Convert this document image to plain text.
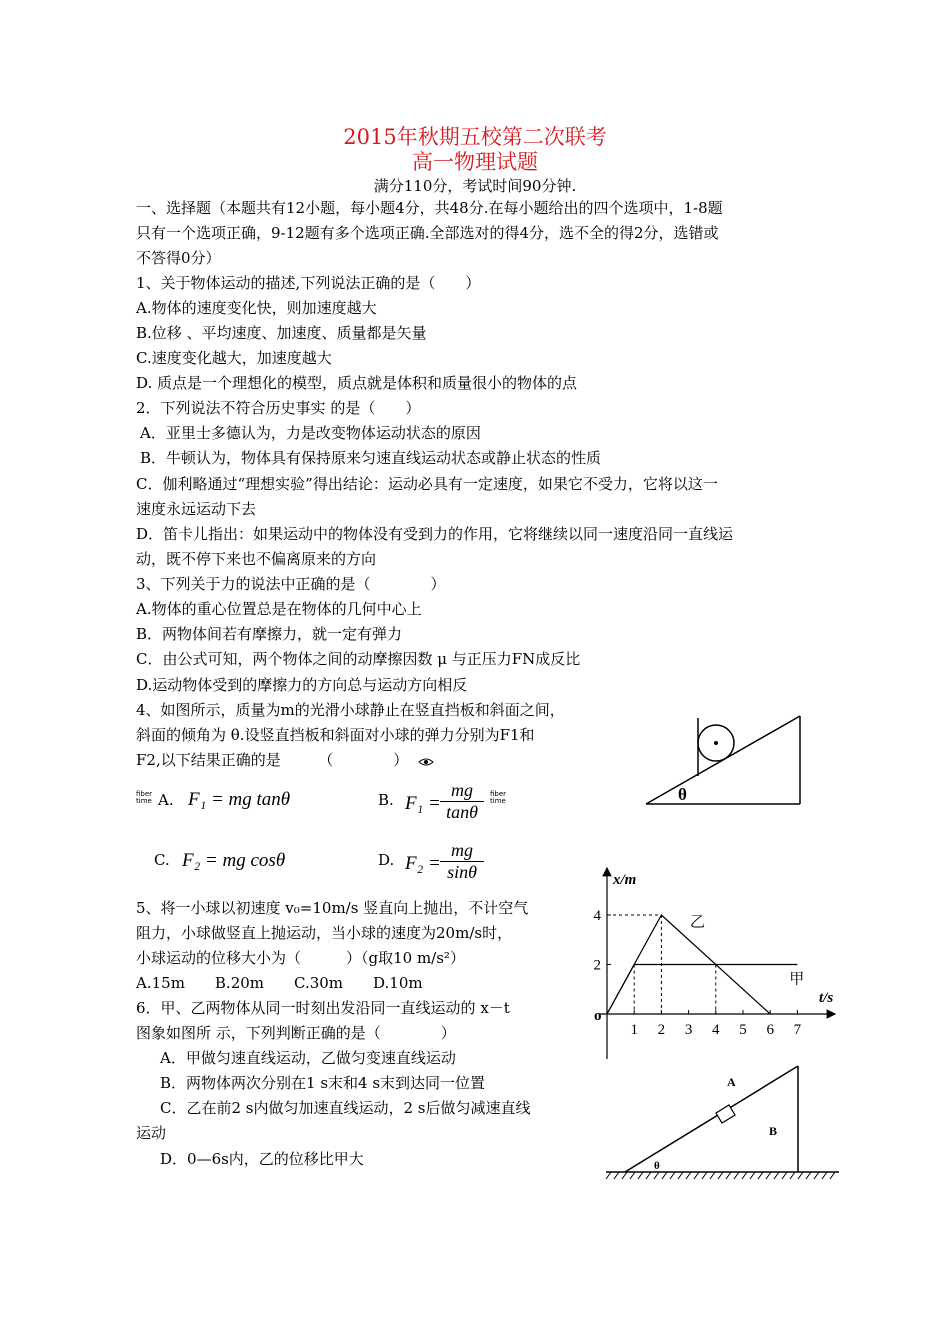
2015年秋期五校第二次联考
高一物理试题
满分110分，考试时间90分钟.
一、选择题（本题共有12小题，每小题4分，共48分.在每小题给出的四个选项中，1-8题
只有一个选项正确，9-12题有多个选项正确.全部选对的得4分，选不全的得2分，选错或
不答得0分）
1、关于物体运动的描述,下列说法正确的是（　　）
A.物体的速度变化快，则加速度越大
B.位移 、平均速度、加速度、质量都是矢量
C.速度变化越大，加速度越大
D. 质点是一个理想化的模型，质点就是体积和质量很小的物体的点
2．下列说法不符合历史事实 的是（　　）
A．亚里士多德认为，力是改变物体运动状态的原因
B．牛顿认为，物体具有保持原来匀速直线运动状态或静止状态的性质
C．伽利略通过“理想实验”得出结论：运动必具有一定速度，如果它不受力，它将以这一
速度永远运动下去
D．笛卡儿指出：如果运动中的物体没有受到力的作用，它将继续以同一速度沿同一直线运
动，既不停下来也不偏离原来的方向
3、下列关于力的说法中正确的是（　　　　）
A.物体的重心位置总是在物体的几何中心上
B．两物体间若有摩擦力，就一定有弹力
C．由公式可知，两个物体之间的动摩擦因数 μ 与正压力FN成反比
D.运动物体受到的摩擦力的方向总与运动方向相反
4、如图所示，质量为m的光滑小球静止在竖直挡板和斜面之间，
斜面的倾角为 θ.设竖直挡板和斜面对小球的弹力分别为F1和
F2,以下结果正确的是　　　（　　　　）
fiber time A. F₁ = mg tanθ	B. $F_1 = \frac{mg}{\tan\theta}$ fiber time
C. F₂ = mg cosθ	D. $F_2 = \frac{mg}{\sin\theta}$
θ
5、将一小球以初速度 v₀=10m/s 竖直向上抛出，不计空气
阻力，小球做竖直上抛运动，当小球的速度为20m/s时，
小球运动的位移大小为（　　　）（g取10 m/s²）
A.15m　　B.20m　　C.30m　　D.10m
6．甲、乙两物体从同一时刻出发沿同一直线运动的 x－t
图象如图所 示，下列判断正确的是（　　　　）
A．甲做匀速直线运动，乙做匀变速直线运动
B．两物体两次分别在1 s末和4 s末到达同一位置
C．乙在前2 s内做匀加速直线运动，2 s后做匀减速直线
运动
D．0—6s内，乙的位移比甲大
x/m
t/s
o
1 2 3 4 5 6 7
2
4
甲
乙
A
B
θ
